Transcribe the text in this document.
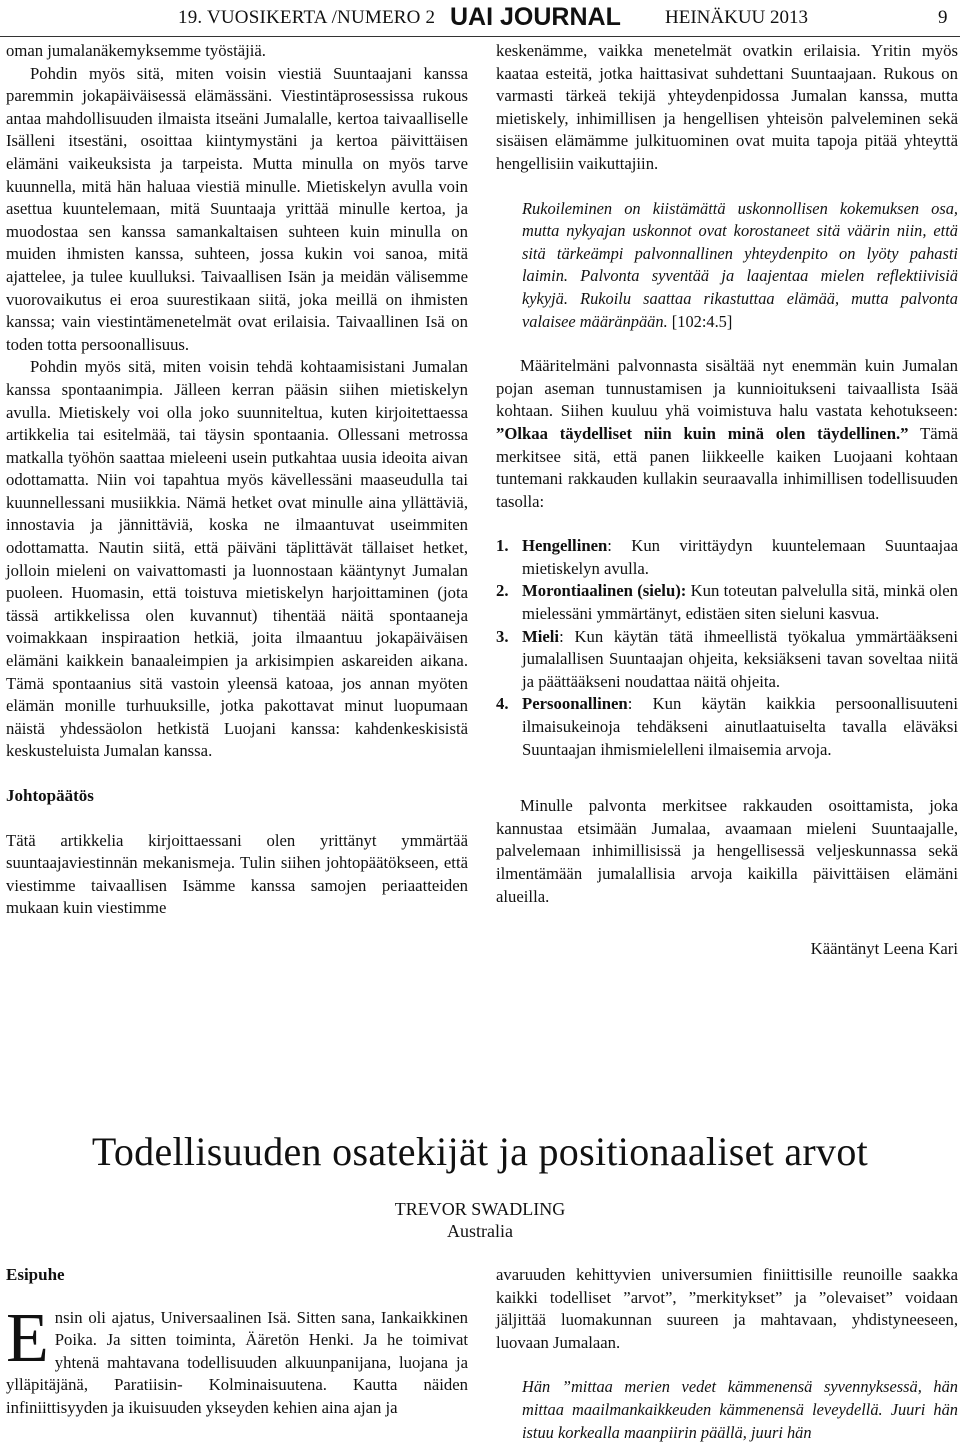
19. VUOSIKERTA /NUMERO 2 UAI JOURNAL HEINÄKUU 2013	9

oman jumalanäkemyksemme työstäjiä.

Pohdin myös sitä, miten voisin viestiä Suuntaajani kanssa paremmin jokapäiväisessä elämässäni. Viestintäprosessissa rukous antaa mahdollisuuden ilmaista itseäni Jumalalle, kertoa taivaalliselle Isälleni itsestäni, osoittaa kiintymystäni ja kertoa päivittäisen elämäni vaikeuksista ja tarpeista. Mutta minulla on myös tarve kuunnella, mitä hän haluaa viestiä minulle. Mietiskelyn avulla voin asettua kuuntelemaan, mitä Suuntaaja yrittää minulle kertoa, ja muodostaa sen kanssa samankaltaisen suhteen kuin minulla on muiden ihmisten kanssa, suhteen, jossa kukin voi sanoa, mitä ajattelee, ja tulee kuulluksi. Taivaallisen Isän ja meidän välisemme vuorovaikutus ei eroa suurestikaan siitä, joka meillä on ihmisten kanssa; vain viestintämenetelmät ovat erilaisia. Taivaallinen Isä on toden totta persoonallisuus.

Pohdin myös sitä, miten voisin tehdä kohtaamisistani Jumalan kanssa spontaanimpia. Jälleen kerran pääsin siihen mietiskelyn avulla. Mietiskely voi olla joko suunniteltua, kuten kirjoitettaessa artikkelia tai esitelmää, tai täysin spontaania. Ollessani metrossa matkalla työhön saattaa mieleeni usein putkahtaa uusia ideoita aivan odottamatta. Niin voi tapahtua myös kävellessäni maaseudulla tai kuunnellessani musiikkia. Nämä hetket ovat minulle aina yllättäviä, innostavia ja jännittäviä, koska ne ilmaantuvat useimmiten odottamatta. Nautin siitä, että päiväni täplittävät tällaiset hetket, jolloin mieleni on vaivattomasti ja luonnostaan kääntynyt Jumalan puoleen. Huomasin, että toistuva mietiskelyn harjoittaminen (jota tässä artikkelissa olen kuvannut) tihentää näitä spontaaneja voimakkaan inspiraation hetkiä, joita ilmaantuu jokapäiväisen elämäni kaikkein banaaleimpien ja arkisimpien askareiden aikana. Tämä spontaanius sitä vastoin yleensä katoaa, jos annan myöten elämän monille turhuuksille, jotka pakottavat minut luopumaan näistä yhdessäolon hetkistä Luojani kanssa: kahdenkeskisistä keskusteluista Jumalan kanssa.

Johtopäätös

Tätä artikkelia kirjoittaessani olen yrittänyt ymmärtää suuntaajaviestinnän mekanismeja. Tulin siihen johtopäätökseen, että viestimme taivaallisen Isämme kanssa samojen periaatteiden mukaan kuin viestimme

keskenämme, vaikka menetelmät ovatkin erilaisia. Yritin myös kaataa esteitä, jotka haittasivat suhdettani Suuntaajaan. Rukous on varmasti tärkeä tekijä yhteydenpidossa Jumalan kanssa, mutta mietiskely, inhimillisen ja hengellisen yhteisön palveleminen sekä sisäisen elämämme julkituominen ovat muita tapoja pitää yhteyttä hengellisiin vaikuttajiin.

Rukoileminen on kiistämättä uskonnollisen kokemuksen osa, mutta nykyajan uskonnot ovat korostaneet sitä väärin niin, että sitä tärkeämpi palvonnallinen yhteydenpito on lyöty pahasti laimin. Palvonta syventää ja laajentaa mielen reflektiivisiä kykyjä. Rukoilu saattaa rikastuttaa elämää, mutta palvonta valaisee määränpään. [102:4.5]

Määritelmäni palvonnasta sisältää nyt enemmän kuin Jumalan pojan aseman tunnustamisen ja kunnioitukseni taivaallista Isää kohtaan. Siihen kuuluu yhä voimistuva halu vastata kehotukseen: ”Olkaa täydelliset niin kuin minä olen täydellinen.” Tämä merkitsee sitä, että panen liikkeelle kaiken Luojaani kohtaan tuntemani rakkauden kullakin seuraavalla inhimillisen todellisuuden tasolla:

1. Hengellinen: Kun virittäydyn kuuntelemaan Suuntaajaa mietiskelyn avulla.
2. Morontiaalinen (sielu): Kun toteutan palvelulla sitä, minkä olen mielessäni ymmärtänyt, edistäen siten sieluni kasvua.
3. Mieli: Kun käytän tätä ihmeellistä työkalua ymmärtääkseni jumalallisen Suuntaajan ohjeita, keksiäkseni tavan soveltaa niitä ja päättääkseni noudattaa näitä ohjeita.
4. Persoonallinen: Kun käytän kaikkia persoonallisuuteni ilmaisukeinoja tehdäkseni ainutlaatuiselta tavalla eläväksi Suuntaajan ihmismielelleni ilmaisemia arvoja.

Minulle palvonta merkitsee rakkauden osoittamista, joka kannustaa etsimään Jumalaa, avaamaan mieleni Suuntaajalle, palvelemaan inhimillisissä ja hengellisessä veljeskunnassa sekä ilmentämään jumalallisia arvoja kaikilla päivittäisen elämäni alueilla.

Kääntänyt Leena Kari

Todellisuuden osatekijät ja positionaaliset arvot
TREVOR SWADLING
Australia
Esipuhe
E nsin oli ajatus, Universaalinen Isä. Sitten sana, Iankaikkinen Poika. Ja sitten toiminta, Ääretön Henki. Ja he toimivat yhtenä mahtavana todellisuuden alkuunpanijana, luojana ja ylläpitäjänä, Paratiisin- Kolminaisuutena. Kautta näiden infiniittisyyden ja ikuisuuden ykseyden kehien aina ajan ja

avaruuden kehittyvien universumien finiittisille reunoille saakka kaikki todelliset ”arvot”, ”merkitykset” ja ”olevaiset” voidaan jäljittää luomakunnan suureen ja mahtavaan, yhdistyneeseen, luovaan Jumalaan.

Hän ”mittaa merien vedet kämmenensä syvennyksessä, hän mittaa maailmankaikkeuden kämmenensä leveydellä. Juuri hän istuu korkealla maanpiirin päällä, juuri hän
